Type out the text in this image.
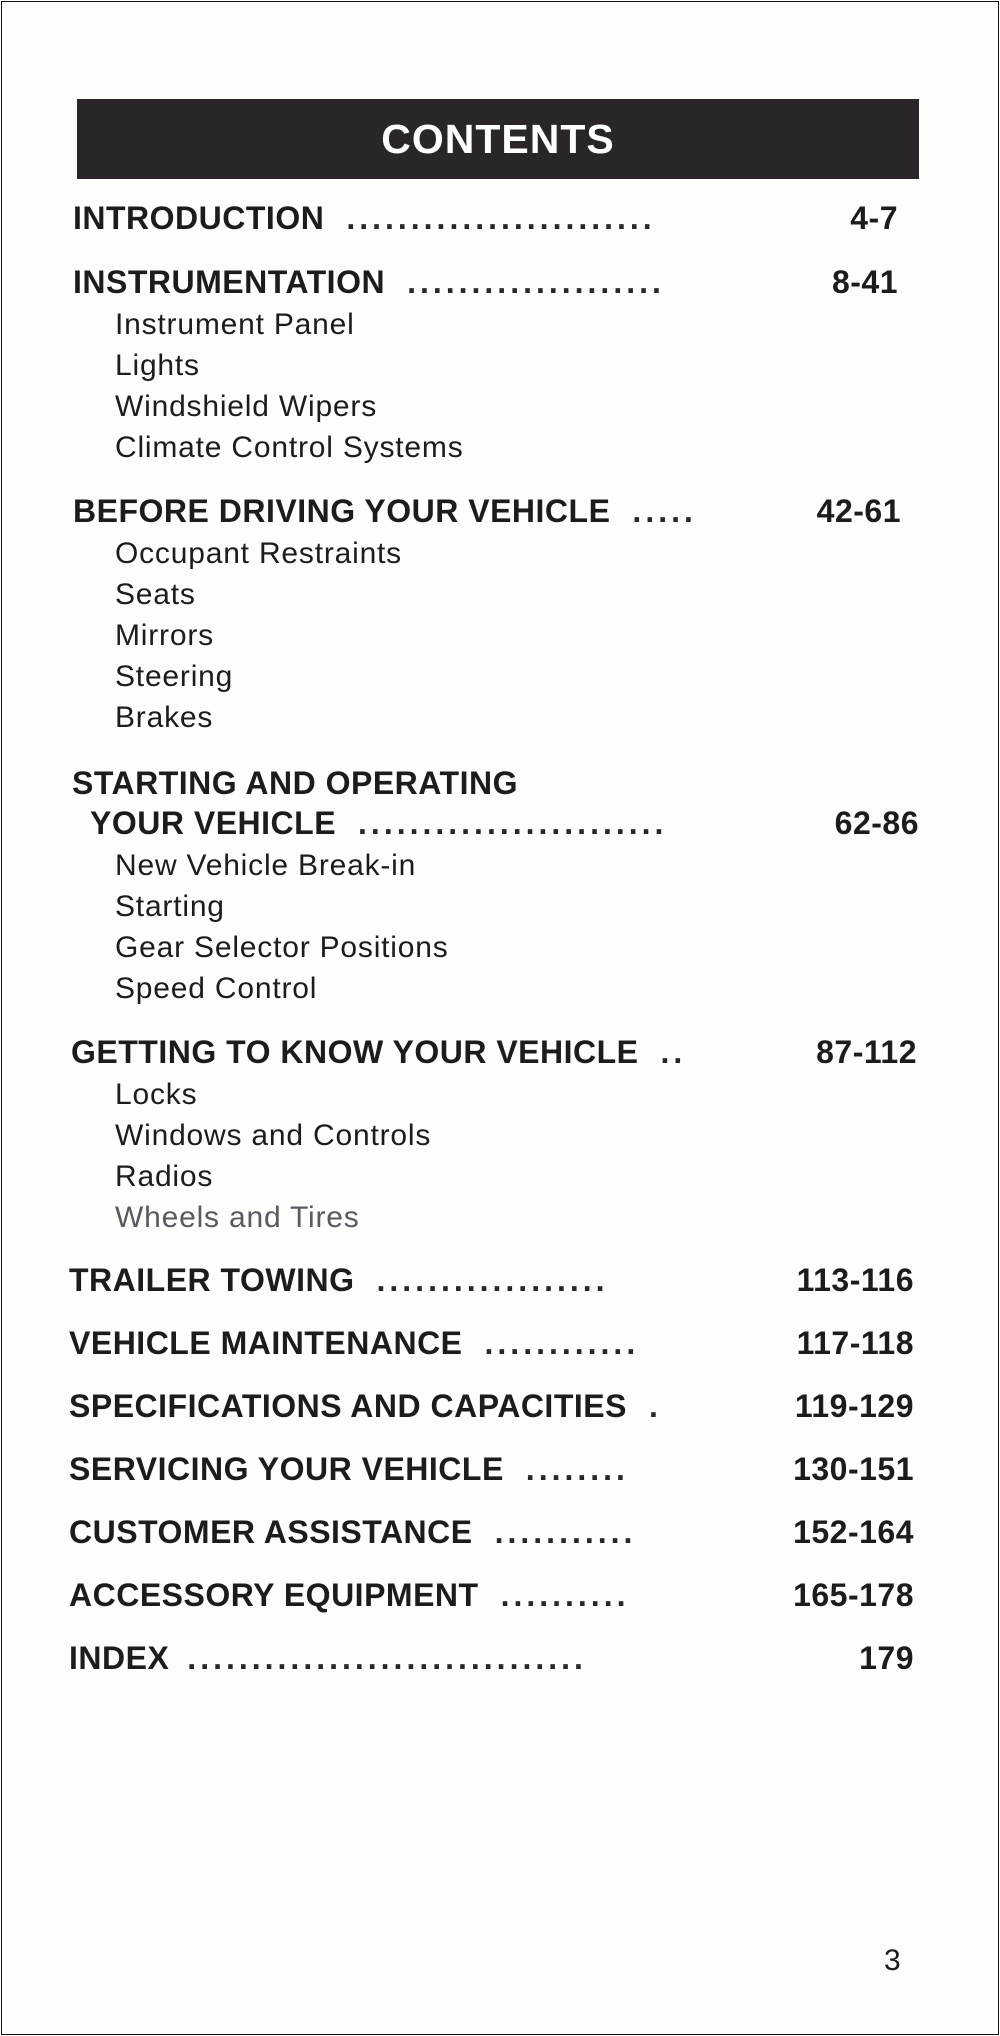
CONTENTS
INTRODUCTION ........................	4-7
INSTRUMENTATION ....................	8-41
Instrument Panel
Lights
Windshield Wipers
Climate Control Systems
BEFORE DRIVING YOUR VEHICLE .....	42-61
Occupant Restraints
Seats
Mirrors
Steering
Brakes
STARTING AND OPERATING
YOUR VEHICLE ........................	62-86
New Vehicle Break-in
Starting
Gear Selector Positions
Speed Control
GETTING TO KNOW YOUR VEHICLE ..	87-112
Locks
Windows and Controls
Radios
Wheels and Tires
TRAILER TOWING ..................	113-116
VEHICLE MAINTENANCE ............	117-118
SPECIFICATIONS AND CAPACITIES .	119-129
SERVICING YOUR VEHICLE ........	130-151
CUSTOMER ASSISTANCE ...........	152-164
ACCESSORY EQUIPMENT ..........	165-178
INDEX ...............................	179
3
